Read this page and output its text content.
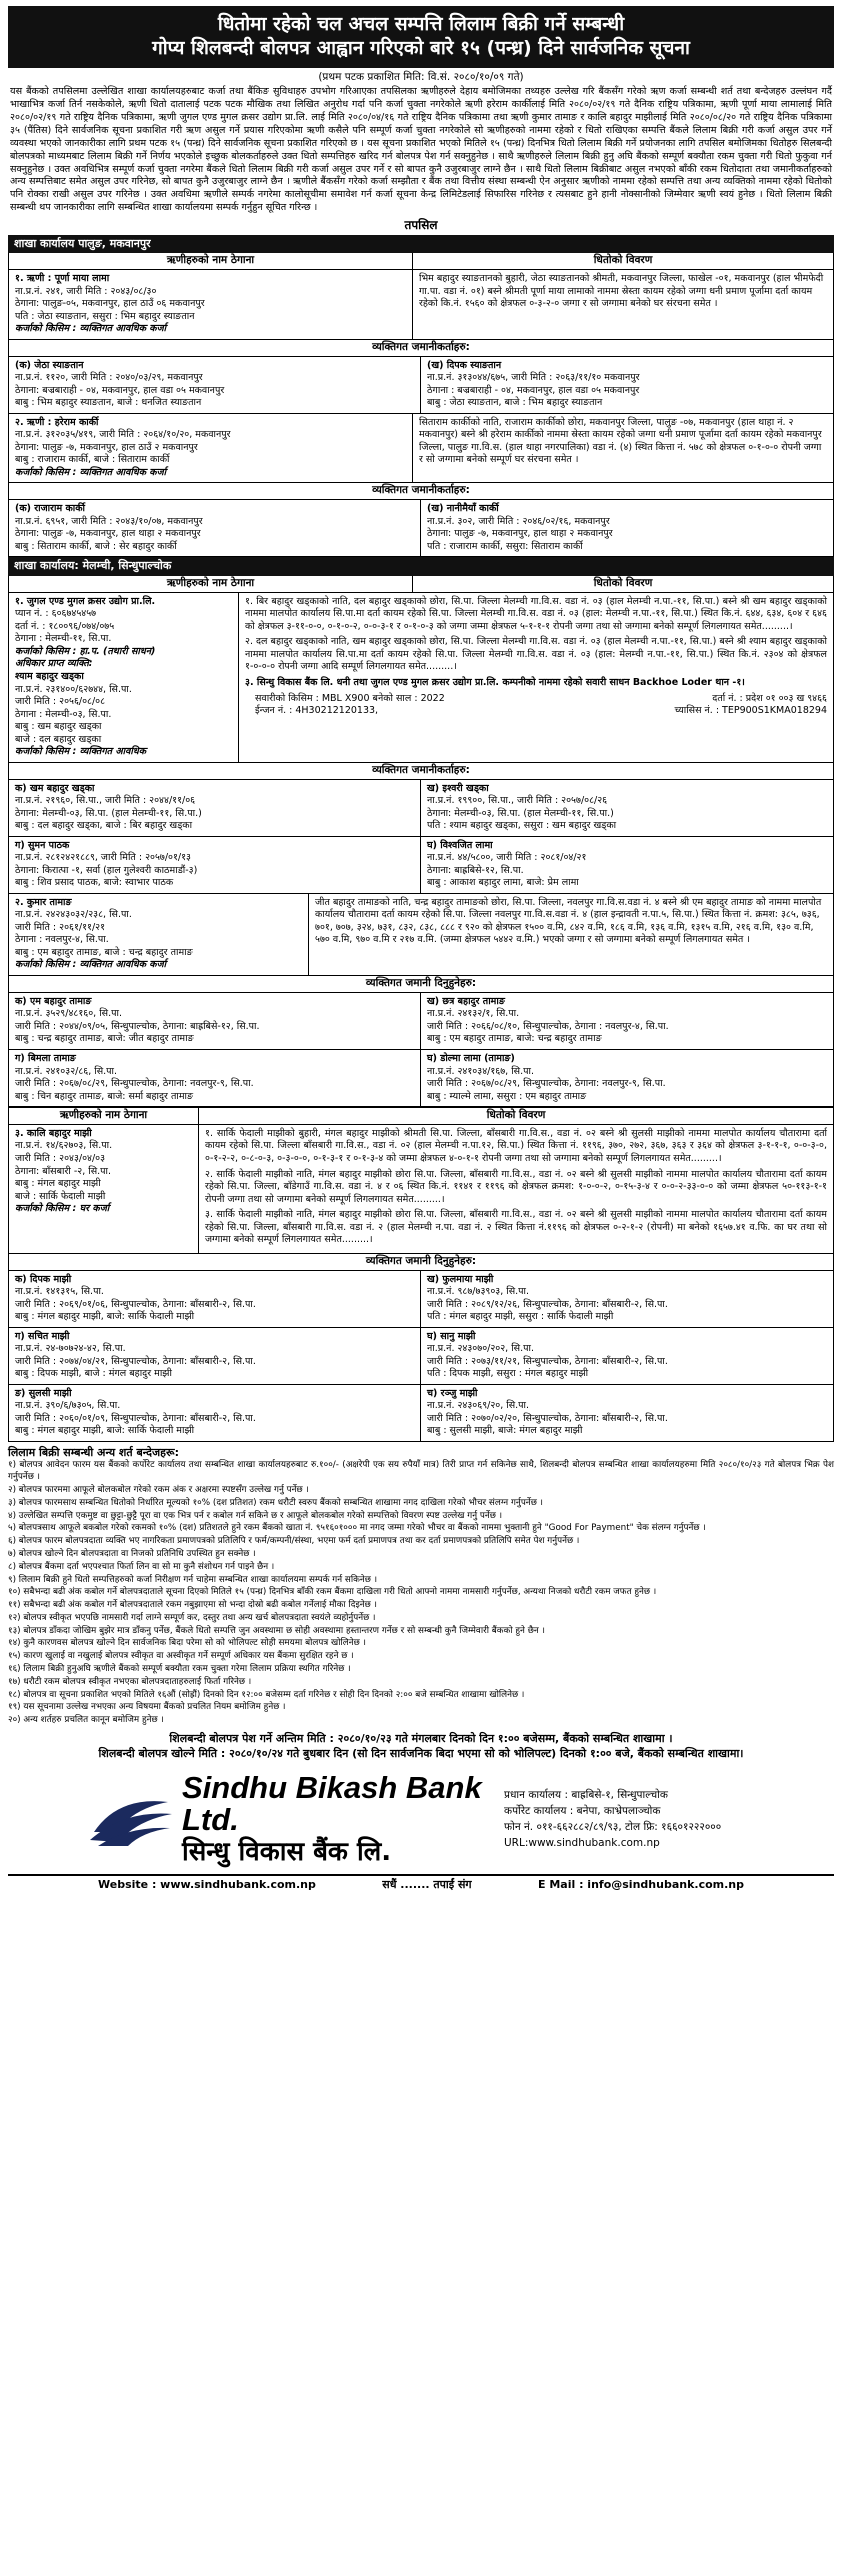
धितोमा रहेको चल अचल सम्पत्ति लिलाम बिक्री गर्ने सम्बन्धी
गोप्य शिलबन्दी बोलपत्र आह्वान गरिएको बारे १५ (पन्ध्र) दिने सार्वजनिक सूचना
(प्रथम पटक प्रकाशित मिति: वि.सं. २०८०/१०/०९ गते)

यस बैंकको तपसिलमा उल्लेखित शाखा कार्यालयहरुबाट कर्जा तथा बैंकिङ सुविधाहरु उपभोग गरिआएका तपसिलका ऋणीहरुले देहाय बमोजिमका तथ्यहरु उल्लेख गरि बैंकसँग गरेको ऋण कर्जा सम्बन्धी शर्त तथा बन्देजहरु उल्लंघन गर्दै भाखाभित्र कर्जा तिर्न नसकेकोले, ऋणी धितो दातालाई पटक पटक मौखिक तथा लिखित अनुरोध गर्दा पनि कर्जा चुक्ता नगरेकोले ऋणी हरेराम कार्कीलाई मिति २०८०/०२/१९ गते दैनिक राष्ट्रिय पत्रिकामा, ऋणी पूर्णा माया लामालाई मिति २०८०/०२/१९ गते राष्ट्रिय दैनिक पत्रिकामा, ऋणी जुगल एण्ड मुगल क्रसर उद्योग प्रा.लि. लाई मिति २०८०/०४/१६ गते राष्ट्रिय दैनिक पत्रिकामा तथा ऋणी कुमार तामाङ र कालि बहादुर माझीलाई मिति २०८०/०८/२० गते राष्ट्रिय दैनिक पत्रिकामा ३५ (पैंतिस) दिने सार्वजनिक सूचना प्रकाशित गरी ऋण असुल गर्ने प्रयास गरिएकोमा ऋणी कसैले पनि सम्पूर्ण कर्जा चुक्ता नगरेकोले सो ऋणीहरुको नाममा रहेको र धितो राखिएका सम्पत्ति बैंकले लिलाम बिक्री गरी कर्जा असुल उपर गर्ने व्यवस्था भएको जानकारीका लागि प्रथम पटक १५ (पन्ध्र) दिने सार्वजनिक सूचना प्रकाशित गरिएको छ । यस सूचना प्रकाशित भएको मितिले १५ (पन्ध्र) दिनभित्र धितो लिलाम बिक्री गर्ने प्रयोजनका लागि तपसिल बमोजिमका धितोहरु सिलबन्दी बोलपत्रको माध्यमबाट लिलाम बिक्री गर्ने निर्णय भएकोले इच्छुक बोलकर्ताहरुले उक्त धितो सम्पत्तिहरु खरिद गर्न बोलपत्र पेश गर्न सक्नुहुनेछ । साथै ऋणीहरुले लिलाम बिक्री हुनु अघि बैंकको सम्पूर्ण बक्यौता रकम चुक्ता गरी धितो फुकुवा गर्न सक्नुहुनेछ । उक्त अवधिभित्र सम्पूर्ण कर्जा चुक्ता नगरेमा बैंकले धितो लिलाम बिक्री गरी कर्जा असुल उपर गर्ने र सो बापत कुनै उजुरबाजुर लाग्ने छैन । साथै धितो लिलाम बिक्रीबाट असुल नभएको बाँकी रकम धितोदाता तथा जमानीकर्ताहरुको अन्य सम्पत्तिबाट समेत असुल उपर गरिनेछ, सो बापत कुनै उजुरबाजुर लाग्ने छैन । ऋणीले बैंकसँग गरेको कर्जा सम्झौता र बैंक तथा वित्तीय संस्था सम्बन्धी ऐन अनुसार ऋणीको नाममा रहेको सम्पत्ति तथा अन्य व्यक्तिको नाममा रहेको धितोको पनि रोक्का राखी असुल उपर गरिनेछ । उक्त अवधिमा ऋणीले सम्पर्क नगरेमा कालोसूचीमा समावेश गर्न कर्जा सूचना केन्द्र लिमिटेडलाई सिफारिस गरिनेछ र त्यसबाट हुने हानी नोक्सानीको जिम्मेवार ऋणी स्वयं हुनेछ । धितो लिलाम बिक्री सम्बन्धी थप जानकारीका लागि सम्बन्धित शाखा कार्यालयमा सम्पर्क गर्नुहुन सूचित गरिन्छ ।

तपसिल
शाखा कार्यालय पालुङ, मकवानपुर
ऋणीहरुको नाम ठेगाना	धितोको विवरण
१. ऋणी : पूर्णा माया लामा
ना.प्र.नं. २४१, जारी मिति : २०४३/०८/३०
ठेगाना: पालुङ-०५, मकवानपुर, हाल ठाउँ ०६ मकवानपुर
पति : जेठा स्याङतान, ससुरा : भिम बहादुर स्याङतान
कर्जाको किसिम : व्यक्तिगत आवधिक कर्जा
भिम बहादुर स्याङतानको बुहारी, जेठा स्याङतानको श्रीमती, मकवानपुर जिल्ला, फाखेल -०१, मकवानपुर (हाल भीमफेदी गा.पा. वडा नं. ०१) बस्ने श्रीमती पूर्णा माया लामाको नाममा स्रेस्ता कायम रहेको जग्गा धनी प्रमाण पूर्जामा दर्ता कायम रहेको कि.नं. १५६० को क्षेत्रफल ०-३-२-० जग्गा र सो जग्गामा बनेको घर संरचना समेत ।
व्यक्तिगत जमानीकर्ताहरु:
(क) जेठा स्याङतान
ना.प्र.नं. ११२०, जारी मिति : २०४०/०३/२९, मकवानपुर
ठेगाना: बज्रबाराही - ०४, मकवानपुर, हाल वडा ०५ मकवानपुर
बाबु : भिम बहादुर स्याङतान, बाजे : धनजित स्याङतान
(ख) दिपक स्याङतान
ना.प्र.नं. ३१३०४४/६७५, जारी मिति : २०६३/११/१० मकवानपुर
ठेगाना : बज्रबाराही - ०४, मकवानपुर, हाल वडा ०५ मकवानपुर
बाबु : जेठा स्याङतान, बाजे : भिम बहादुर स्याङतान
२. ऋणी : हरेराम कार्की
ना.प्र.नं. ३१२०३५/४१९, जारी मिति : २०६४/१०/२०, मकवानपुर
ठेगाना: पालुङ -७, मकवानपुर, हाल ठाउँ २ मकवानपुर
बाबु : राजाराम कार्की, बाजे : सिताराम कार्की
कर्जाको किसिम : व्यक्तिगत आवधिक कर्जा
सिताराम कार्कीको नाति, राजाराम कार्कीको छोरा, मकवानपुर जिल्ला, पालुङ -०७, मकवानपुर (हाल थाहा नं. २ मकवानपुर) बस्ने श्री हरेराम कार्कीको नाममा स्रेस्ता कायम रहेको जग्गा धनी प्रमाण पूर्जामा दर्ता कायम रहेको मकवानपुर जिल्ला, पालुङ गा.वि.स. (हाल थाहा नगरपालिका) वडा नं. (४) स्थित कित्ता नं. ५७८ को क्षेत्रफल ०-१-०-० रोपनी जग्गा र सो जग्गामा बनेको सम्पूर्ण घर संरचना समेत ।
व्यक्तिगत जमानीकर्ताहरु:
(क) राजाराम कार्की
ना.प्र.नं. ६९५१, जारी मिति : २०४३/१०/०७, मकवानपुर
ठेगाना: पालुङ -७, मकवानपुर, हाल थाहा २ मकवानपुर
बाबु : सिताराम कार्की, बाजे : सेर बहादुर कार्की
(ख) नानीमैयाँ कार्की
ना.प्र.नं. ३०२, जारी मिति : २०४६/०२/१६, मकवानपुर
ठेगाना: पालुङ -७, मकवानपुर, हाल थाहा २ मकवानपुर
पति : राजाराम कार्की, ससुरा: सिताराम कार्की
शाखा कार्यालय: मेलम्ची, सिन्धुपाल्चोक
ऋणीहरुको नाम ठेगाना	धितोको विवरण
१. जुगल एण्ड मुगल क्रसर उद्योग प्रा.लि.
प्यान नं. : ६०६७४५४५७
दर्ता नं. : १८००९६/०७४/०७५
ठेगाना : मेलम्ची-११, सि.पा.
कर्जाको किसिम : हा.प. (तथारी साधन)
अधिकार प्राप्त व्यक्ति:
श्याम बहादुर खड्का
ना.प्र.नं. २३१४००/६२७४४, सि.पा.
जारी मिति : २०५६/०८/०८
ठेगाना : मेलम्ची-०३, सि.पा.
बाबु : खम बहादुर खड्का
बाजे : दल बहादुर खड्का
कर्जाको किसिम : व्यक्तिगत आवधिक
१. बिर बहादुर खड्काको नाति, दल बहादुर खड्काको छोरा, सि.पा. जिल्ला मेलम्ची गा.वि.स. वडा नं. ०३ (हाल मेलम्ची न.पा.-११, सि.पा.) बस्ने श्री खम बहादुर खड्काको नाममा मालपोत कार्यालय सि.पा.मा दर्ता कायम रहेको सि.पा. जिल्ला मेलम्ची गा.वि.स. वडा नं. ०३ (हाल: मेलम्ची न.पा.-११, सि.पा.) स्थित कि.नं. ६४४, ६३४, ६०४ र ६४६ को क्षेत्रफल ३-११-०-०, ०-१-०-२, ०-०-३-१ र ०-१-०-३ को जग्गा जम्मा क्षेत्रफल ५-१-१-१ रोपनी जग्गा तथा सो जग्गामा बनेको सम्पूर्ण लिगलगायत समेत.........।
२. दल बहादुर खड्काको नाति, खम बहादुर खड्काको छोरा, सि.पा. जिल्ला मेलम्ची गा.वि.स. वडा नं. ०३ (हाल मेलम्ची न.पा.-११, सि.पा.) बस्ने श्री श्याम बहादुर खड्काको नाममा मालपोत कार्यालय सि.पा.मा दर्ता कायम रहेको सि.पा. जिल्ला मेलम्ची गा.वि.स. वडा नं. ०३ (हाल: मेलम्ची न.पा.-११, सि.पा.) स्थित कि.नं. २३०४ को क्षेत्रफल १-०-०-० रोपनी जग्गा आदि सम्पूर्ण लिगलगायत समेत.........।
३. सिन्धु विकास बैंक लि. धनी तथा जुगल एण्ड मुगल क्रसर उद्योग प्रा.लि. कम्पनीको नाममा रहेको सवारी साधन Backhoe Loder थान -१।
सवारीको किसिम : MBL X900 बनेको साल : 2022	दर्ता नं. : प्रदेश ०१ ००३ ख ९४६६
ईन्जन नं. : 4H30212120133,	च्यासिस नं. : TEP900S1KMA018294
व्यक्तिगत जमानीकर्ताहरु:
क) खम बहादुर खड्का
ना.प्र.नं. २१९६०, सि.पा., जारी मिति : २०४४/११/०६
ठेगाना: मेलम्ची-०३, सि.पा. (हाल मेलम्ची-११, सि.पा.)
बाबु : दल बहादुर खड्का, बाजे : बिर बहादुर खड्का
ख) इश्वरी खड्का
ना.प्र.नं. १९९००, सि.पा., जारी मिति : २०५७/०८/२६
ठेगाना: मेलम्ची-०३, सि.पा. (हाल मेलम्ची-११, सि.पा.)
पति : श्याम बहादुर खड्का, ससुरा : खम बहादुर खड्का
ग) सुमन पाठक
ना.प्र.नं. २८१२४२१८८९, जारी मिति : २०५७/०१/१३
ठेगाना: किरात्पा -१, सर्वा (हाल गुलेश्वरी काठमाडौं-३)
बाबु : शिव प्रसाद पाठक, बाजे: स्वाभार पाठक
घ) विश्वजित लामा
ना.प्र.नं. ४४/५८००, जारी मिति : २०८१/०४/२१
ठेगाना: बाह्रबिसे-१२, सि.पा.
बाबु : आकाश बहादुर लामा, बाजे: प्रेम लामा
२. कुमार तामाङ
ना.प्र.नं. २४२४३०३२/२३८, सि.पा.
जारी मिति : २०६१/११/२१
ठेगाना : नवलपुर-४, सि.पा.
बाबु : एम बहादुर तामाङ, बाजे : चन्द्र बहादुर तामाङ
कर्जाको किसिम : व्यक्तिगत आवधिक कर्जा
जीत बहादुर तामाङको नाति, चन्द्र बहादुर तामाङको छोरा, सि.पा. जिल्ला, नवलपुर गा.वि.स.वडा नं. ४ बस्ने श्री एम बहादुर तामाङ को नाममा मालपोत कार्यालय चौतारामा दर्ता कायम रहेको सि.पा. जिल्ला नवलपुर गा.वि.स.वडा नं. ४ (हाल इन्द्रावती न.पा.५, सि.पा.) स्थित कित्ता नं. क्रमश: ३८५, ७३६, ७०१, ७०७, ३२४, ७३१, ८३२, ८३८, ८८८ र ९२० को क्षेत्रफल १५०० व.मि, ८४२ व.मि, १८६ व.मि, १३६ व.मि, १३१५ व.मि, २१६ व.मि, १३० व.मि, ५७० व.मि, ९७० व.मि र २१७ व.मि. (जम्मा क्षेत्रफल ५४४२ व.मि.) भएको जग्गा र सो जग्गामा बनेको सम्पूर्ण लिगलगायत समेत ।
व्यक्तिगत जमानी दिनुहुनेहरु:
क) एम बहादुर तामाङ
ना.प्र.नं. ३५२९/४८१६०, सि.पा.
जारी मिति : २०४४/०९/०५, सिन्धुपाल्चोक, ठेगाना: बाह्रबिसे-१२, सि.पा.
बाबु : चन्द्र बहादुर तामाङ, बाजे: जीत बहादुर तामाङ
ख) छत्र बहादुर तामाङ
ना.प्र.नं. २४१३२/१, सि.पा.
जारी मिति : २०६६/०८/१०, सिन्धुपाल्चोक, ठेगाना : नवलपुर-४, सि.पा.
बाबु : एम बहादुर तामाङ, बाजे: चन्द्र बहादुर तामाङ
ग) बिमला तामाङ
ना.प्र.नं. २४१०३२/८६, सि.पा.
जारी मिति : २०६७/०८/२९, सिन्धुपाल्चोक, ठेगाना: नवलपुर-९, सि.पा.
बाबु : चिन बहादुर तामाङ, बाजे: सर्मा बहादुर तामाङ
घ) डोल्मा लामा (तामाङ)
ना.प्र.नं. २४१०३४/१६७, सि.पा.
जारी मिति : २०६७/०८/२९, सिन्धुपाल्चोक, ठेगाना: नवलपुर-९, सि.पा.
बाबु : म्याल्मे लामा, ससुरा : एम बहादुर तामाङ
ऋणीहरुको नाम ठेगाना	धितोको विवरण
३. कालि बहादुर माझी
ना.प्र.नं. १४/६२७०३, सि.पा.
जारी मिति : २०४३/०४/०३
ठेगाना: बाँसबारी -२, सि.पा.
बाबु : मंगल बहादुर माझी
बाजे : सार्कि फेदाली माझी
कर्जाको किसिम : घर कर्जा
१. सार्कि फेदाली माझीको बुहारी, मंगल बहादुर माझीको श्रीमती सि.पा. जिल्ला, बाँसबारी गा.वि.स., वडा नं. ०२ बस्ने श्री सुलसी माझीको नाममा मालपोत कार्यालय चौतारामा दर्ता कायम रहेको सि.पा. जिल्ला बाँसबारी गा.वि.स., वडा नं. ०२ (हाल मेलम्ची न.पा.१२, सि.पा.) स्थित कित्ता नं. ११९६, ३७०, २७२, ३६७, ३६३ र ३६४ को क्षेत्रफल ३-१-१-१, ०-०-३-०, ०-१-२-२, ०-८-०-३, ०-३-०-०, ०-१-३-१ र ०-१-३-४ को जम्मा क्षेत्रफल ४-०-१-१ रोपनी जग्गा तथा सो जग्गामा बनेको सम्पूर्ण लिगलगायत समेत.........।
२. सार्कि फेदाली माझीको नाति, मंगल बहादुर माझीको छोरा सि.पा. जिल्ला, बाँसबारी गा.वि.स., वडा नं. ०२ बस्ने श्री सुलसी माझीको नाममा मालपोत कार्यालय चौतारामा दर्ता कायम रहेको सि.पा. जिल्ला, बाँडेगाउँ गा.वि.स. वडा नं. ४ र ०६ स्थित कि.नं. ११४१ र ११९६ को क्षेत्रफल क्रमश: १-०-०-२, ०-१५-३-४ र ०-०-२-३३-०-० को जम्मा क्षेत्रफल ५०-११३-१-१ रोपनी जग्गा तथा सो जग्गामा बनेको सम्पूर्ण लिगलगायत समेत.........।
३. सार्कि फेदाली माझीको नाति, मंगल बहादुर माझीको छोरा सि.पा. जिल्ला, बाँसबारी गा.वि.स., वडा नं. ०२ बस्ने श्री सुलसी माझीको नाममा मालपोत कार्यालय चौतारामा दर्ता कायम रहेको सि.पा. जिल्ला, बाँसबारी गा.वि.स. वडा नं. २ (हाल मेलम्ची न.पा. वडा नं. २ स्थित कित्ता नं.११९६ को क्षेत्रफल ०-२-१-२ (रोपनी) मा बनेको १६५७.४१ व.फि. का घर तथा सो जग्गामा बनेको सम्पूर्ण लिगलगायत समेत.........।
व्यक्तिगत जमानी दिनुहुनेहरु:
क) दिपक माझी
ना.प्र.नं. १४१३१५, सि.पा.
जारी मिति : २०६९/०१/०६, सिन्धुपाल्चोक, ठेगाना: बाँसबारी-२, सि.पा.
बाबु : मंगल बहादुर माझी, बाजे: सार्कि फेदाली माझी
ख) फुलमाया माझी
ना.प्र.नं. ९८७/७३९०३, सि.पा.
जारी मिति : २०८९/१२/२६, सिन्धुपाल्चोक, ठेगाना: बाँसबारी-२, सि.पा.
पति : मंगल बहादुर माझी, ससुरा : सार्कि फेदाली माझी
ग) सचित माझी
ना.प्र.नं. २४-७०७२४-४२, सि.पा.
जारी मिति : २०७४/०४/२१, सिन्धुपाल्चोक, ठेगाना: बाँसबारी-२, सि.पा.
बाबु : दिपक माझी, बाजे : मंगल बहादुर माझी
घ) सानु माझी
ना.प्र.नं. २४३०७०/२०२, सि.पा.
जारी मिति : २०७३/११/२१, सिन्धुपाल्चोक, ठेगाना: बाँसबारी-२, सि.पा.
पति : दिपक माझी, ससुरा : मंगल बहादुर माझी
ङ) सुलसी माझी
ना.प्र.नं. ३९०/६/७३०५, सि.पा.
जारी मिति : २०६०/०१/०९, सिन्धुपाल्चोक, ठेगाना: बाँसबारी-२, सि.पा.
बाबु : मंगल बहादुर माझी, बाजे: सार्कि फेदाली माझी
च) रञ्जु माझी
ना.प्र.नं. २४३०६९/२०, सि.पा.
जारी मिति : २०७०/०२/२०, सिन्धुपाल्चोक, ठेगाना: बाँसबारी-२, सि.पा.
बाबु : सुलसी माझी, बाजे: मंगल बहादुर माझी
लिलाम बिक्री सम्बन्धी अन्य शर्त बन्देजहरू:
१) बोलपत्र आवेदन फारम यस बैंकको कर्पोरेट कार्यालय तथा सम्बन्धित शाखा कार्यालयहरुबाट रु.१००/- (अक्षरेपी एक सय रुपैयाँ मात्र) तिरी प्राप्त गर्न सकिनेछ साथै, शिलबन्दी बोलपत्र सम्बन्धित शाखा कार्यालयहरुमा मिति २०८०/१०/२३ गते बोलपत्र भिक्र पेश गर्नुपर्नेछ ।
२) बोलपत्र फारममा आफूले बोलकबोल गरेको रकम अंक र अक्षरमा स्पष्टसँग उल्लेख गर्नु पर्नेछ ।
३) बोलपत्र फारमसाथ सम्बन्धित धितोको निर्धारित मूल्यको १०% (दश प्रतिशत) रकम धरौटी स्वरुप बैंकको सम्बन्धित शाखामा नगद दाखिला गरेको भौचर संलग्न गर्नुपर्नेछ ।
४) उल्लेखित सम्पत्ति एकमुष्ट वा छुट्टा-छुट्टै पूरा वा एक भित्र पर्न र कबोल गर्न सकिने छ र आफूले बोलकबोल गरेको सम्पत्तिको विवरण स्पष्ट उल्लेख गर्नु पर्नेछ ।
५) बोलपत्रसाथ आफूले बकबोल गरेको रकमको १०% (दश) प्रतिशतले हुने रकम बैंकको खाता नं. ९५१६०१००० मा नगद जम्मा गरेको भौचर वा बैंकको नाममा भुक्तानी हुने "Good For Payment" चेक संलग्न गर्नुपर्नेछ ।
६) बोलपत्र फारम बोलपत्रदाता व्यक्ति भए नागरिकता प्रमाणपत्रको प्रतिलिपि र फर्म/कम्पनी/संस्था, भएमा फर्म दर्ता प्रमाणपत्र तथा कर दर्ता प्रमाणपत्रको प्रतिलिपि समेत पेश गर्नुपर्नेछ ।
७) बोलपत्र खोल्ने दिन बोलपत्रदाता वा निजको प्रतिनिधि उपस्थित हुन सक्नेछ ।
८) बोलपत्र बैंकमा दर्ता भएपश्चात फिर्ता लिन वा सो मा कुनै संशोधन गर्न पाइने छैन ।
९) लिलाम बिक्री हुने धितो सम्पत्तिहरुको कर्जा निरीक्षण गर्न चाहेमा सम्बन्धित शाखा कार्यालयमा सम्पर्क गर्न सकिनेछ ।
१०) सबैभन्दा बढी अंक कबोल गर्ने बोलपत्रदाताले सूचना दिएको मितिले १५ (पन्ध्र) दिनभित्र बाँकी रकम बैंकमा दाखिला गरी धितो आफ्नो नाममा नामसारी गर्नुपर्नेछ, अन्यथा निजको धरौटी रकम जफत हुनेछ ।
११) सबैभन्दा बढी अंक कबोल गर्ने बोलपत्रदाताले रकम नबुझाएमा सो भन्दा दोस्रो बढी कबोल गर्नेलाई मौका दिइनेछ ।
१२) बोलपत्र स्वीकृत भएपछि नामसारी गर्दा लाग्ने सम्पूर्ण कर, दस्तुर तथा अन्य खर्च बोलपत्रदाता स्वयंले व्यहोर्नुपर्नेछ ।
१३) बोलपत्र डाँकदा जोखिम बुझेर मात्र डाँकनु पर्नेछ, बैंकले धितो सम्पत्ति जुन अवस्थामा छ सोही अवस्थामा हस्तान्तरण गर्नेछ र सो सम्बन्धी कुनै जिम्मेवारी बैंकको हुने छैन ।
१४) कुनै कारणवस बोलपत्र खोल्ने दिन सार्वजनिक बिदा परेमा सो को भोलिपल्ट सोही समयमा बोलपत्र खोलिनेछ ।
१५) कारण खुलाई वा नखुलाई बोलपत्र स्वीकृत वा अस्वीकृत गर्ने सम्पूर्ण अधिकार यस बैंकमा सुरक्षित रहने छ ।
१६) लिलाम बिक्री हुनुअघि ऋणीले बैंकको सम्पूर्ण बक्यौता रकम चुक्ता गरेमा लिलाम प्रक्रिया स्थगित गरिनेछ ।
१७) धरौटी रकम बोलपत्र स्वीकृत नभएका बोलपत्रदाताहरुलाई फिर्ता गरिनेछ ।
१८) बोलपत्र वा सूचना प्रकाशित भएको मितिले १६औं (सोह्रौं) दिनको दिन १२:०० बजेसम्म दर्ता गरिनेछ र सोही दिन दिनको २:०० बजे सम्बन्धित शाखामा खोलिनेछ ।
१९) यस सूचनामा उल्लेख नभएका अन्य विषयमा बैंकको प्रचलित नियम बमोजिम हुनेछ ।
२०) अन्य शर्तहरु प्रचलित कानून बमोजिम हुनेछ ।
शिलबन्दी बोलपत्र पेश गर्ने अन्तिम मिति : २०८०/१०/२३ गते मंगलबार दिनको दिन १:०० बजेसम्म, बैंकको सम्बन्धित शाखामा ।
शिलबन्दी बोलपत्र खोल्ने मिति : २०८०/१०/२४ गते बुधबार दिन (सो दिन सार्वजनिक बिदा भएमा सो को भोलिपल्ट) दिनको १:०० बजे, बैंकको सम्बन्धित शाखामा।
Sindhu Bikash Bank Ltd.
सिन्धु विकास बैंक लि.
प्रधान कार्यालय : बाह्रबिसे-१, सिन्धुपाल्चोक
कर्पोरेट कार्यालय : बनेपा, काभ्रेपलाञ्चोक
फोन नं. ०११-६६२८८२/८९/९३, टोल फ्रि: १६६०१२२२०००
URL:www.sindhubank.com.np
Website : www.sindhubank.com.np	सधैं ....... तपाईं संग	E Mail : info@sindhubank.com.np
